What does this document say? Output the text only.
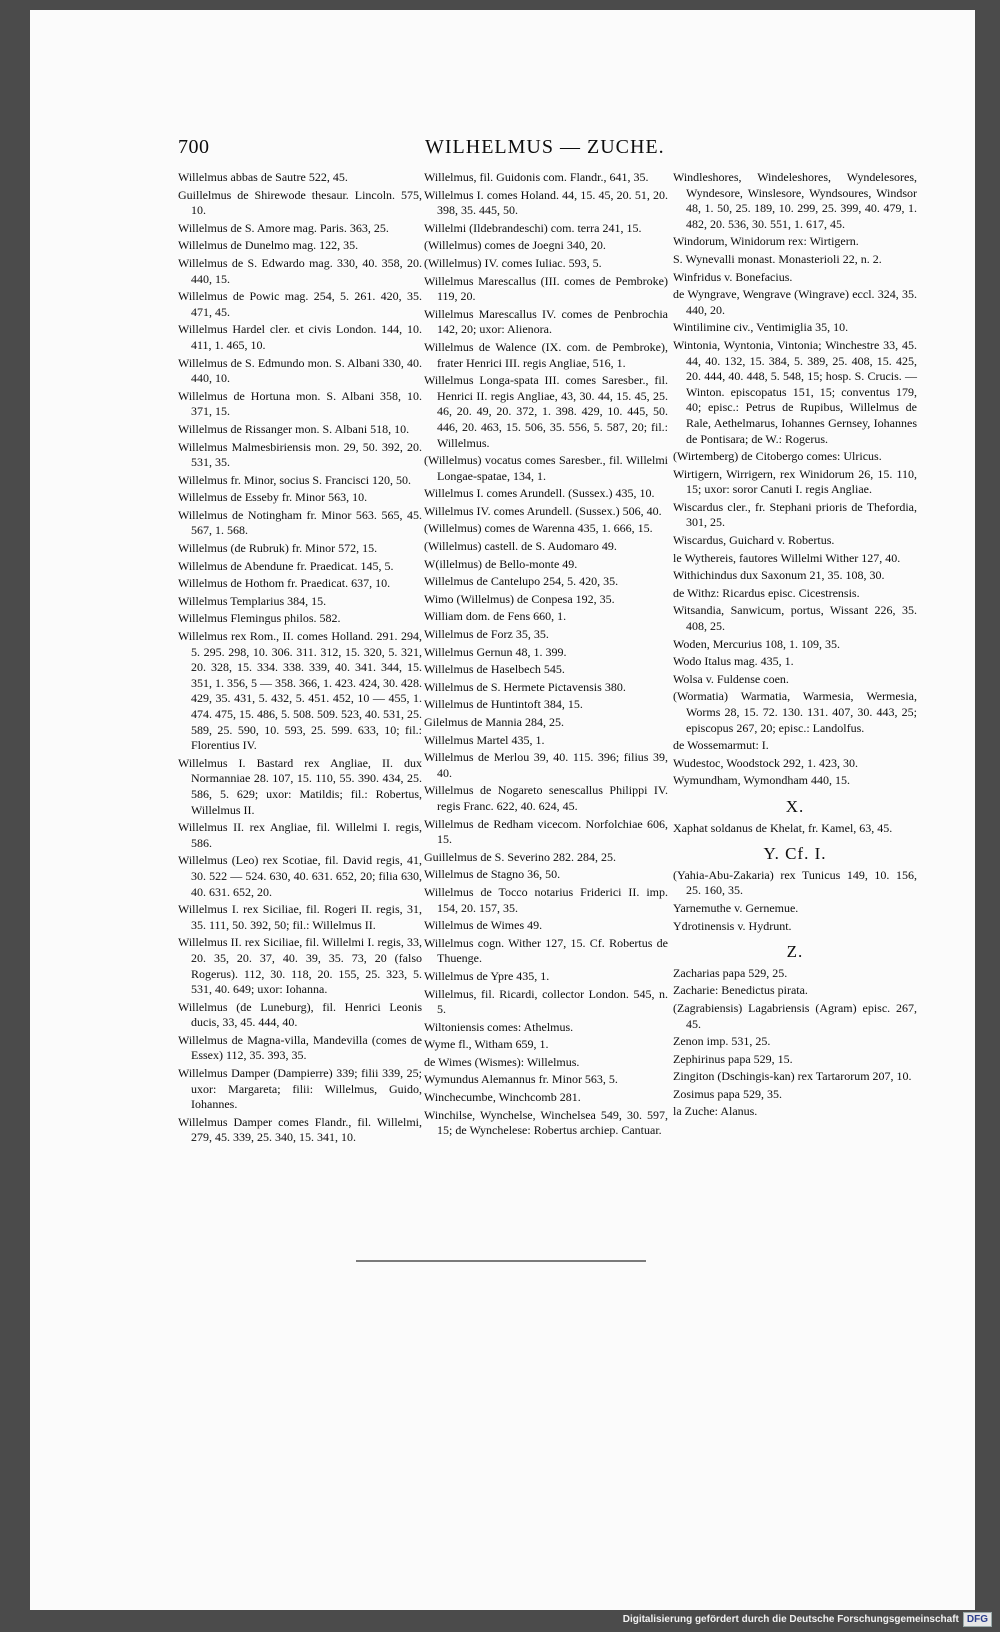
700	WILHELMUS — ZUCHE.

Willelmus abbas de Sautre 522, 45.

Guillelmus de Shirewode thesaur. Lincoln. 575, 10.

Willelmus de S. Amore mag. Paris. 363, 25.

Willelmus de Dunelmo mag. 122, 35.

Willelmus de S. Edwardo mag. 330, 40. 358, 20. 440, 15.

Willelmus de Powic mag. 254, 5. 261. 420, 35. 471, 45.

Willelmus Hardel cler. et civis London. 144, 10. 411, 1. 465, 10.

Willelmus de S. Edmundo mon. S. Albani 330, 40. 440, 10.

Willelmus de Hortuna mon. S. Albani 358, 10. 371, 15.

Willelmus de Rissanger mon. S. Albani 518, 10.

Willelmus Malmesbiriensis mon. 29, 50. 392, 20. 531, 35.

Willelmus fr. Minor, socius S. Francisci 120, 50.

Willelmus de Esseby fr. Minor 563, 10.

Willelmus de Notingham fr. Minor 563. 565, 45. 567, 1. 568.

Willelmus (de Rubruk) fr. Minor 572, 15.

Willelmus de Abendune fr. Praedicat. 145, 5.

Willelmus de Hothom fr. Praedicat. 637, 10.

Willelmus Templarius 384, 15.

Willelmus Flemingus philos. 582.

Willelmus rex Rom., II. comes Holland. 291. 294, 5. 295. 298, 10. 306. 311. 312, 15. 320, 5. 321, 20. 328, 15. 334. 338. 339, 40. 341. 344, 15. 351, 1. 356, 5 — 358. 366, 1. 423. 424, 30. 428. 429, 35. 431, 5. 432, 5. 451. 452, 10 — 455, 1. 474. 475, 15. 486, 5. 508. 509. 523, 40. 531, 25. 589, 25. 590, 10. 593, 25. 599. 633, 10; fil.: Florentius IV.

Willelmus I. Bastard rex Angliae, II. dux Normanniae 28. 107, 15. 110, 55. 390. 434, 25. 586, 5. 629; uxor: Matildis; fil.: Robertus, Willelmus II.

Willelmus II. rex Angliae, fil. Willelmi I. regis, 586.

Willelmus (Leo) rex Scotiae, fil. David regis, 41, 30. 522 — 524. 630, 40. 631. 652, 20; filia 630, 40. 631. 652, 20.

Willelmus I. rex Siciliae, fil. Rogeri II. regis, 31, 35. 111, 50. 392, 50; fil.: Willelmus II.

Willelmus II. rex Siciliae, fil. Willelmi I. regis, 33, 20. 35, 20. 37, 40. 39, 35. 73, 20 (falso Rogerus). 112, 30. 118, 20. 155, 25. 323, 5. 531, 40. 649; uxor: Iohanna.

Willelmus (de Luneburg), fil. Henrici Leonis ducis, 33, 45. 444, 40.

Willelmus de Magna-villa, Mandevilla (comes de Essex) 112, 35. 393, 35.

Willelmus Damper (Dampierre) 339; filii 339, 25; uxor: Margareta; filii: Willelmus, Guido, Iohannes.

Willelmus Damper comes Flandr., fil. Willelmi, 279, 45. 339, 25. 340, 15. 341, 10.

Willelmus, fil. Guidonis com. Flandr., 641, 35.

Willelmus I. comes Holand. 44, 15. 45, 20. 51, 20. 398, 35. 445, 50.

Willelmi (Ildebrandeschi) com. terra 241, 15.

(Willelmus) comes de Joegni 340, 20.

(Willelmus) IV. comes Iuliac. 593, 5.

Willelmus Marescallus (III. comes de Pembroke) 119, 20.

Willelmus Marescallus IV. comes de Penbrochia 142, 20; uxor: Alienora.

Willelmus de Walence (IX. com. de Pembroke), frater Henrici III. regis Angliae, 516, 1.

Willelmus Longa-spata III. comes Saresber., fil. Henrici II. regis Angliae, 43, 30. 44, 15. 45, 25. 46, 20. 49, 20. 372, 1. 398. 429, 10. 445, 50. 446, 20. 463, 15. 506, 35. 556, 5. 587, 20; fil.: Willelmus.

(Willelmus) vocatus comes Saresber., fil. Willelmi Longae-spatae, 134, 1.

Willelmus I. comes Arundell. (Sussex.) 435, 10.

Willelmus IV. comes Arundell. (Sussex.) 506, 40.

(Willelmus) comes de Warenna 435, 1. 666, 15.

(Willelmus) castell. de S. Audomaro 49.

W(illelmus) de Bello-monte 49.

Willelmus de Cantelupo 254, 5. 420, 35.

Wimo (Willelmus) de Conpesa 192, 35.

William dom. de Fens 660, 1.

Willelmus de Forz 35, 35.

Willelmus Gernun 48, 1. 399.

Willelmus de Haselbech 545.

Willelmus de S. Hermete Pictavensis 380.

Willelmus de Huntintoft 384, 15.

Gilelmus de Mannia 284, 25.

Willelmus Martel 435, 1.

Willelmus de Merlou 39, 40. 115. 396; filius 39, 40.

Willelmus de Nogareto senescallus Philippi IV. regis Franc. 622, 40. 624, 45.

Willelmus de Redham vicecom. Norfolchiae 606, 15.

Guillelmus de S. Severino 282. 284, 25.

Willelmus de Stagno 36, 50.

Willelmus de Tocco notarius Friderici II. imp. 154, 20. 157, 35.

Willelmus de Wimes 49.

Willelmus cogn. Wither 127, 15. Cf. Robertus de Thuenge.

Willelmus de Ypre 435, 1.

Willelmus, fil. Ricardi, collector London. 545, n. 5.

Wiltoniensis comes: Athelmus.

Wyme fl., Witham 659, 1.

de Wimes (Wismes): Willelmus.

Wymundus Alemannus fr. Minor 563, 5.

Winchecumbe, Winchcomb 281.

Winchilse, Wynchelse, Winchelsea 549, 30. 597, 15; de Wynchelese: Robertus archiep. Cantuar.

Windleshores, Windeleshores, Wyndelesores, Wyndesore, Winslesore, Wyndsoures, Windsor 48, 1. 50, 25. 189, 10. 299, 25. 399, 40. 479, 1. 482, 20. 536, 30. 551, 1. 617, 45.

Windorum, Winidorum rex: Wirtigern.

S. Wynevalli monast. Monasterioli 22, n. 2.

Winfridus v. Bonefacius.

de Wyngrave, Wengrave (Wingrave) eccl. 324, 35. 440, 20.

Wintilimine civ., Ventimiglia 35, 10.

Wintonia, Wyntonia, Vintonia; Winchestre 33, 45. 44, 40. 132, 15. 384, 5. 389, 25. 408, 15. 425, 20. 444, 40. 448, 5. 548, 15; hosp. S. Crucis. — Winton. episcopatus 151, 15; conventus 179, 40; episc.: Petrus de Rupibus, Willelmus de Rale, Aethelmarus, Iohannes Gernsey, Iohannes de Pontisara; de W.: Rogerus.

(Wirtemberg) de Citobergo comes: Ulricus.

Wirtigern, Wirrigern, rex Winidorum 26, 15. 110, 15; uxor: soror Canuti I. regis Angliae.

Wiscardus cler., fr. Stephani prioris de Thefordia, 301, 25.

Wiscardus, Guichard v. Robertus.

le Wythereis, fautores Willelmi Wither 127, 40.

Withichindus dux Saxonum 21, 35. 108, 30.

de Withz: Ricardus episc. Cicestrensis.

Witsandia, Sanwicum, portus, Wissant 226, 35. 408, 25.

Woden, Mercurius 108, 1. 109, 35.

Wodo Italus mag. 435, 1.

Wolsa v. Fuldense coen.

(Wormatia) Warmatia, Warmesia, Wermesia, Worms 28, 15. 72. 130. 131. 407, 30. 443, 25; episcopus 267, 20; episc.: Landolfus.

de Wossemarmut: I.

Wudestoc, Woodstock 292, 1. 423, 30.

Wymundham, Wymondham 440, 15.

X.

Xaphat soldanus de Khelat, fr. Kamel, 63, 45.

Y. Cf. I.

(Yahia-Abu-Zakaria) rex Tunicus 149, 10. 156, 25. 160, 35.

Yarnemuthe v. Gernemue.

Ydrotinensis v. Hydrunt.

Z.

Zacharias papa 529, 25.

Zacharie: Benedictus pirata.

(Zagrabiensis) Lagabriensis (Agram) episc. 267, 45.

Zenon imp. 531, 25.

Zephirinus papa 529, 15.

Zingiton (Dschingis-kan) rex Tartarorum 207, 10.

Zosimus papa 529, 35.

la Zuche: Alanus.

Digitalisierung gefördert durch die Deutsche Forschungsgemeinschaft DFG
